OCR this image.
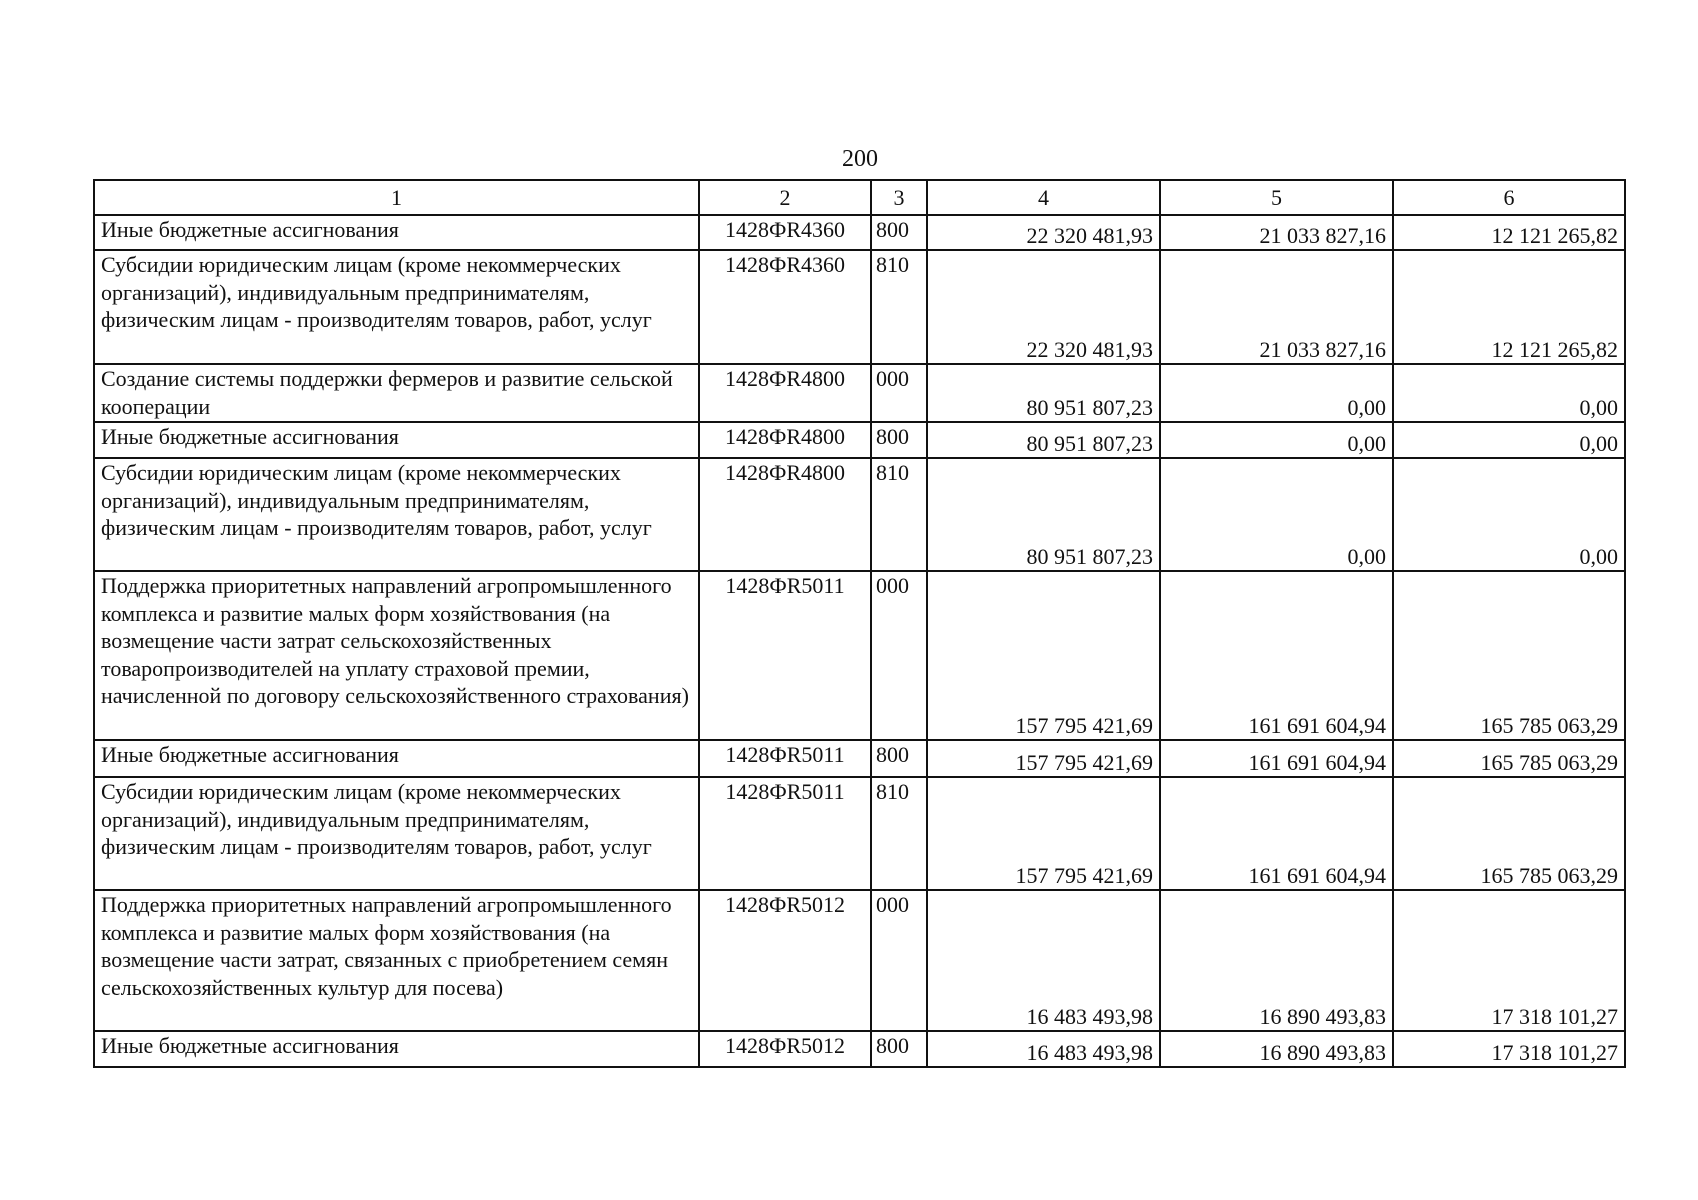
200
1	2	3	4	5	6
Иные бюджетные ассигнования	1428ФR4360	800	22 320 481,93	21 033 827,16	12 121 265,82
Субсидии юридическим лицам (кроме некоммерческих организаций), индивидуальным предпринимателям, физическим лицам - производителям товаров, работ, услуг	1428ФR4360	810	22 320 481,93	21 033 827,16	12 121 265,82
Создание системы поддержки фермеров и развитие сельской кооперации	1428ФR4800	000	80 951 807,23	0,00	0,00
Иные бюджетные ассигнования	1428ФR4800	800	80 951 807,23	0,00	0,00
Субсидии юридическим лицам (кроме некоммерческих организаций), индивидуальным предпринимателям, физическим лицам - производителям товаров, работ, услуг	1428ФR4800	810	80 951 807,23	0,00	0,00
Поддержка приоритетных направлений агропромышленного комплекса и развитие малых форм хозяйствования (на возмещение части затрат сельскохозяйственных товаропроизводителей на уплату страховой премии, начисленной по договору сельскохозяйственного страхования)	1428ФR5011	000	157 795 421,69	161 691 604,94	165 785 063,29
Иные бюджетные ассигнования	1428ФR5011	800	157 795 421,69	161 691 604,94	165 785 063,29
Субсидии юридическим лицам (кроме некоммерческих организаций), индивидуальным предпринимателям, физическим лицам - производителям товаров, работ, услуг	1428ФR5011	810	157 795 421,69	161 691 604,94	165 785 063,29
Поддержка приоритетных направлений агропромышленного комплекса и развитие малых форм хозяйствования (на возмещение части затрат, связанных с приобретением семян сельскохозяйственных культур для посева)	1428ФR5012	000	16 483 493,98	16 890 493,83	17 318 101,27
Иные бюджетные ассигнования	1428ФR5012	800	16 483 493,98	16 890 493,83	17 318 101,27
